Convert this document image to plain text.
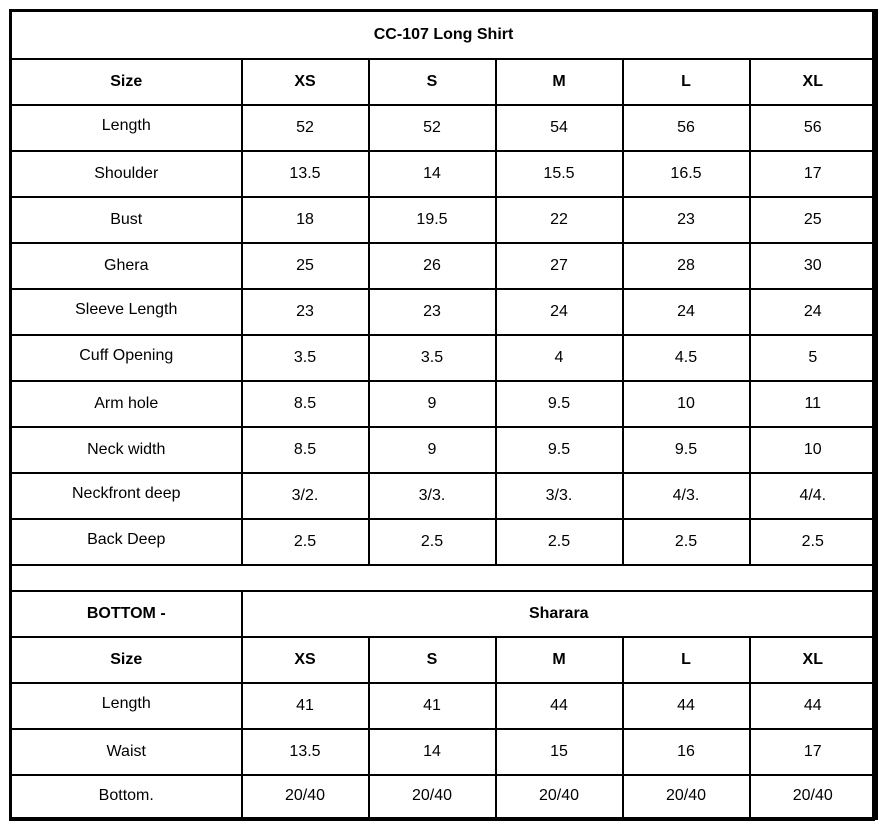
CC-107 Long Shirt					
Size	XS	S	M	L	XL
Length	52	52	54	56	56
Shoulder	13.5	14	15.5	16.5	17
Bust	18	19.5	22	23	25
Ghera	25	26	27	28	30
Sleeve Length	23	23	24	24	24
Cuff Opening	3.5	3.5	4	4.5	5
Arm hole	8.5	9	9.5	10	11
Neck width	8.5	9	9.5	9.5	10
Neckfront deep	3/2.	3/3.	3/3.	4/3.	4/4.
Back Deep	2.5	2.5	2.5	2.5	2.5

BOTTOM -	Sharara				
Size	XS	S	M	L	XL
Length	41	41	44	44	44
Waist	13.5	14	15	16	17
Bottom.	20/40	20/40	20/40	20/40	20/40
